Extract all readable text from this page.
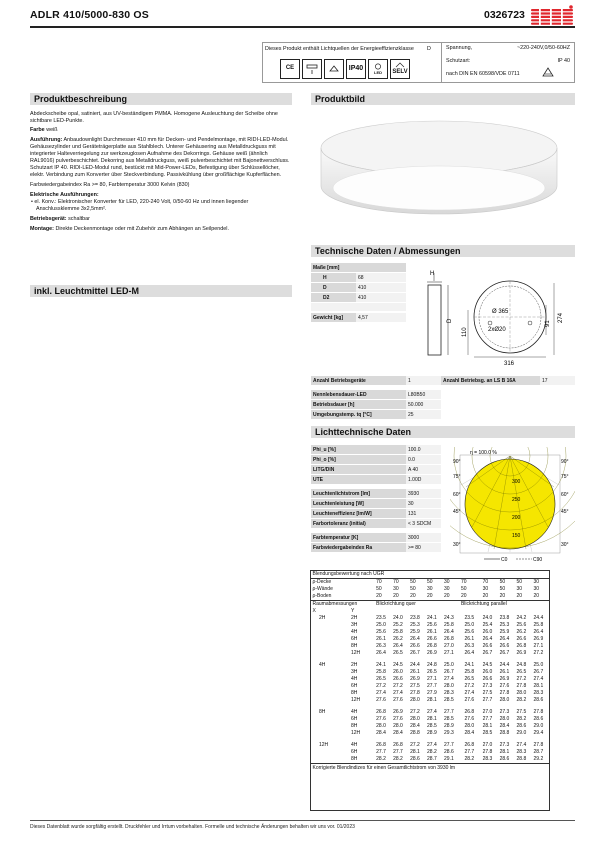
ADLR 410/5000-830 OS	0326723
Dieses Produkt enthält Lichtquellen der Energieeffizienzklasse D	Spannung,	~220-240V,0/50-60HZ
Schutzart:	IP 40
nach DIN EN 60598/VDE 0711
CE	IP40
LED SELV
Produktbeschreibung
Abdeckscheibe opal, satiniert, aus UV-beständigem PMMA. Homogene Ausleuchtung der Scheibe ohne sichtbare LED-Punkte.
Farbe weiß
Ausführung: Anbaudownlight Durchmesser 410 mm für Decken- und Pendelmontage, mit RIDI-LED-Modul. Gehäusezylinder und Geräteträgerplatte aus Stahlblech. Unterer Gehäusering aus Metalldruckguss mit integrierter Halteverriegelung zur werkzeuglosen Aufnahme des Dekorrings. Gehäuse weiß (ähnlich RAL9016) pulverbeschichtet. Dekorring aus Metalldruckguss, weiß pulverbeschichtet mit Bajonettverschluss. Schutzart IP 40. RIDI-LED-Modul rund, bestückt mit Mid-Power-LEDs, Befestigung über Schlüssellöcher, elektr. Verbindung zum Konverter über Steckverbindung. Passivkühlung über großflächige Kupferflächen.
Farbwiedergabeindex Ra >= 80, Farbtemperatur 3000 Kelvin (830)
Elektrische Ausführungen:
• el. Konv.: Elektronischer Konverter für LED, 220-240 Volt, 0/50-60 Hz und innen liegender Anschlussklemme 3x2,5mm².
Betriebsgerät: schaltbar
Montage: Direkte Deckenmontage oder mit Zubehör zum Abhängen an Seilpendel.
inkl. Leuchtmittel LED-M
Produktbild
Technische Daten / Abmessungen
Maße [mm]
H	68
D	410
D2	410
Gewicht [kg]	4,57
H
D
Ø 365
2xØ20
110
91
274
316
Anzahl Betriebsgeräte	1	Anzahl Betriebsg. an LS B 16A	17
Nennlebensdauer-LED	L80B50
Betriebsdauer [h]	50.000
Umgebungstemp. tq [°C]	25
Lichttechnische Daten
Phi_u [%]	100.0
Phi_o [%]	0.0
LITG/DIN	A 40
UTE	1.00D
Leuchtenlichtstrom [lm]	3930
Leuchtenleistung [W]	30
Leuchteneffizienz [lm/W]	131
Farbortoleranz (initial)	< 3 SDCM
Farbtemperatur [K]	3000
Farbwiedergabeindex Ra	>= 80
η = 100.0 %
90°	90°
75°	75°
60°	60°
45°	45°
30°	30°
300
250
200
150
C0	C90
Blendungsbewertung nach UGR											
ρ-Decke		70	70	50	50	30	70	70	50	50	30
ρ-Wände		50	30	50	30	30	50	30	50	30	30
ρ-Boden		20	20	20	20	20	20	20	20	20	20
Raumabmessungen		Blickrichtung quer					Blickrichtung parallel				
X	Y										
2H	2H	23.5	24.0	23.8	24.1	24.3	23.5	24.0	23.8	24.2	24.4
	3H	25.0	25.2	25.3	25.6	25.8	25.0	25.4	25.3	25.6	25.8
	4H	25.6	25.8	25.9	26.1	26.4	25.6	26.0	25.9	26.2	26.4
	6H	26.1	26.2	26.4	26.6	26.8	26.1	26.4	26.4	26.6	26.9
	8H	26.3	26.4	26.6	26.8	27.0	26.3	26.6	26.6	26.8	27.1
	12H	26.4	26.5	26.7	26.9	27.1	26.4	26.7	26.7	26.9	27.2

4H	2H	24.1	24.5	24.4	24.8	25.0	24.1	24.5	24.4	24.8	25.0
	3H	25.8	26.0	26.1	26.5	26.7	25.8	26.0	26.1	26.5	26.7
	4H	26.5	26.6	26.9	27.1	27.4	26.5	26.6	26.9	27.2	27.4
	6H	27.2	27.2	27.5	27.7	28.0	27.2	27.3	27.6	27.8	28.1
	8H	27.4	27.4	27.8	27.9	28.3	27.4	27.5	27.8	28.0	28.3
	12H	27.6	27.6	28.0	28.1	28.5	27.6	27.7	28.0	28.2	28.6

8H	4H	26.8	26.9	27.2	27.4	27.7	26.8	27.0	27.3	27.5	27.8
	6H	27.6	27.6	28.0	28.1	28.5	27.6	27.7	28.0	28.2	28.6
	8H	28.0	28.0	28.4	28.5	28.9	28.0	28.1	28.4	28.6	29.0
	12H	28.4	28.4	28.8	28.9	29.3	28.4	28.5	28.8	29.0	29.4

12H	4H	26.8	26.8	27.2	27.4	27.7	26.8	27.0	27.3	27.4	27.8
	6H	27.7	27.7	28.1	28.2	28.6	27.7	27.8	28.1	28.3	28.7
	8H	28.2	28.2	28.6	28.7	29.1	28.2	28.3	28.6	28.8	29.2
Korrigierte Blendindizes für einen Gesamtlichtstrom von 3930 lm											
Dieses Datenblatt wurde sorgfältig erstellt. Druckfehler und Irrtum vorbehalten. Formelle und technische Änderungen behalten wir uns vor. 01/2023
